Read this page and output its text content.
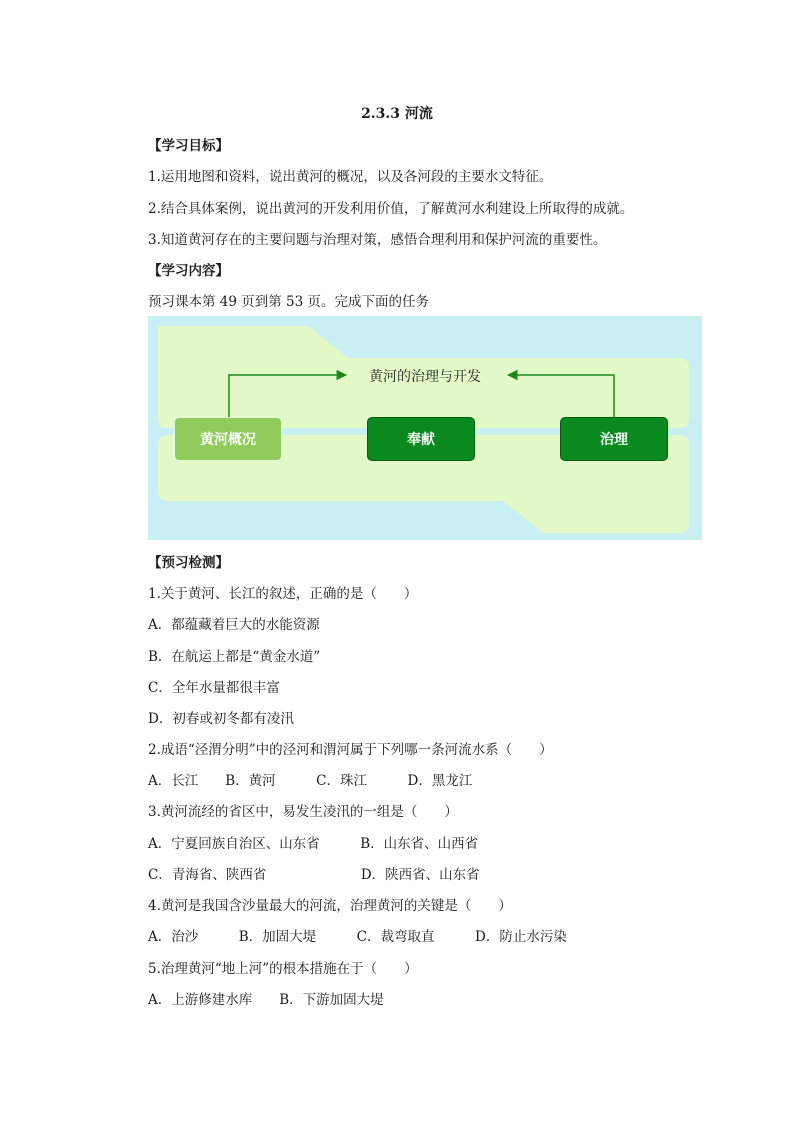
2.3.3 河流
【学习目标】
1.运用地图和资料，说出黄河的概况，以及各河段的主要水文特征。
2.结合具体案例，说出黄河的开发利用价值，了解黄河水利建设上所取得的成就。
3.知道黄河存在的主要问题与治理对策，感悟合理利用和保护河流的重要性。
【学习内容】
预习课本第 49 页到第 53 页。完成下面的任务
黄河的治理与开发
黄河概况	奉献	治理
【预习检测】
1.关于黄河、长江的叙述，正确的是（　　）
A．都蕴藏着巨大的水能资源
B．在航运上都是“黄金水道”
C．全年水量都很丰富
D．初春或初冬都有凌汛
2.成语“泾渭分明”中的泾河和渭河属于下列哪一条河流水系（　　）
A．长江　　B．黄河　　　C．珠江　　　D．黑龙江
3.黄河流经的省区中，易发生凌汛的一组是（　　）
A．宁夏回族自治区、山东省　　　B．山东省、山西省
C．青海省、陕西省　　　　　　　D．陕西省、山东省
4.黄河是我国含沙量最大的河流，治理黄河的关键是（　　）
A．治沙　　　B．加固大堤　　　C．裁弯取直　　　D．防止水污染
5.治理黄河“地上河”的根本措施在于（　　）
A．上游修建水库　　B．下游加固大堤
